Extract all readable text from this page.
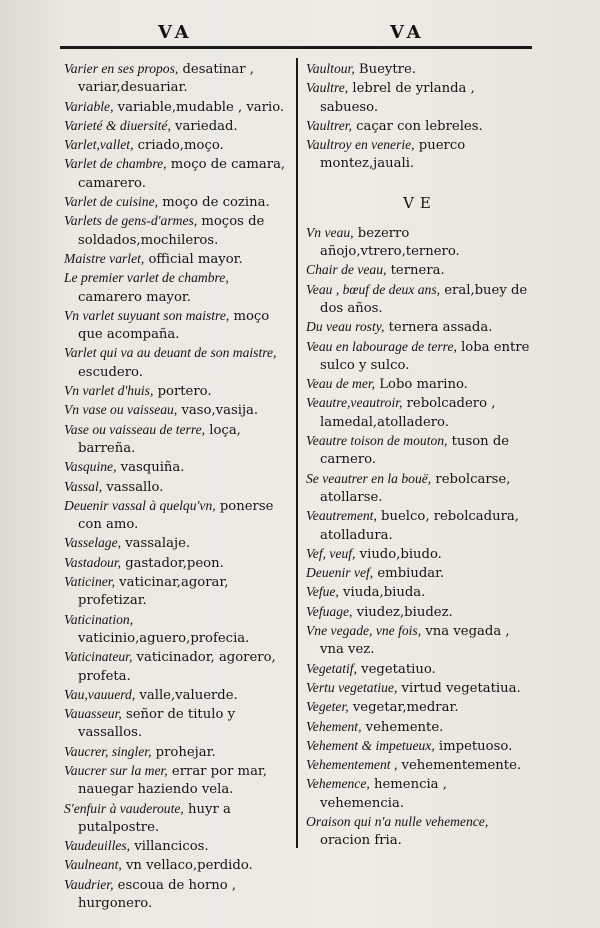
VA	VA

Varier en ses propos, desatinar , variar,desuariar.

Variable, variable,mudable , vario.

Varieté & diuersité, variedad.

Varlet,vallet, criado,moço.

Varlet de chambre, moço de camara, camarero.

Varlet de cuisine, moço de cozina.

Varlets de gens-d'armes, moços de soldados,mochileros.

Maistre varlet, official mayor.

Le premier varlet de chambre, camarero mayor.

Vn varlet suyuant son maistre, moço que acompaña.

Varlet qui va au deuant de son maistre, escudero.

Vn varlet d'huis, portero.

Vn vase ou vaisseau, vaso,vasija.

Vase ou vaisseau de terre, loça, barreña.

Vasquine, vasquiña.

Vassal, vassallo.

Deuenir vassal à quelqu'vn, ponerse con amo.

Vasselage, vassalaje.

Vastadour, gastador,peon.

Vaticiner, vaticinar,agorar, profetizar.

Vaticination, vaticinio,aguero,profecia.

Vaticinateur, vaticinador, agorero, profeta.

Vau,vauuerd, valle,valuerde.

Vauasseur, señor de titulo y vassallos.

Vaucrer, singler, prohejar.

Vaucrer sur la mer, errar por mar, nauegar haziendo vela.

S'enfuir à vauderoute, huyr a putalpostre.

Vaudeuilles, villancicos.

Vaulneant, vn vellaco,perdido.

Vaudrier, escoua de horno , hurgonero.

Vaultour, Bueytre.

Vaultre, lebrel de yrlanda , sabueso.

Vaultrer, caçar con lebreles.

Vaultroy en venerie, puerco montez,jauali.

VE

Vn veau, bezerro añojo,vtrero,ternero.

Chair de veau, ternera.

Veau , bœuf de deux ans, eral,buey de dos años.

Du veau rosty, ternera assada.

Veau en labourage de terre, loba entre sulco y sulco.

Veau de mer, Lobo marino.

Veautre,veautroir, rebolcadero , lamedal,atolladero.

Veautre toison de mouton, tuson de carnero.

Se veautrer en la bouë, rebolcarse, atollarse.

Veautrement, buelco, rebolcadura, atolladura.

Vef, veuf, viudo,biudo.

Deuenir vef, embiudar.

Vefue, viuda,biuda.

Vefuage, viudez,biudez.

Vne vegade, vne fois, vna vegada , vna vez.

Vegetatif, vegetatiuo.

Vertu vegetatiue, virtud vegetatiua.

Vegeter, vegetar,medrar.

Vehement, vehemente.

Vehement & impetueux, impetuoso.

Vehementement , vehementemente.

Vehemence, hemencia , vehemencia.

Oraison qui n'a nulle vehemence, oracion fria.
